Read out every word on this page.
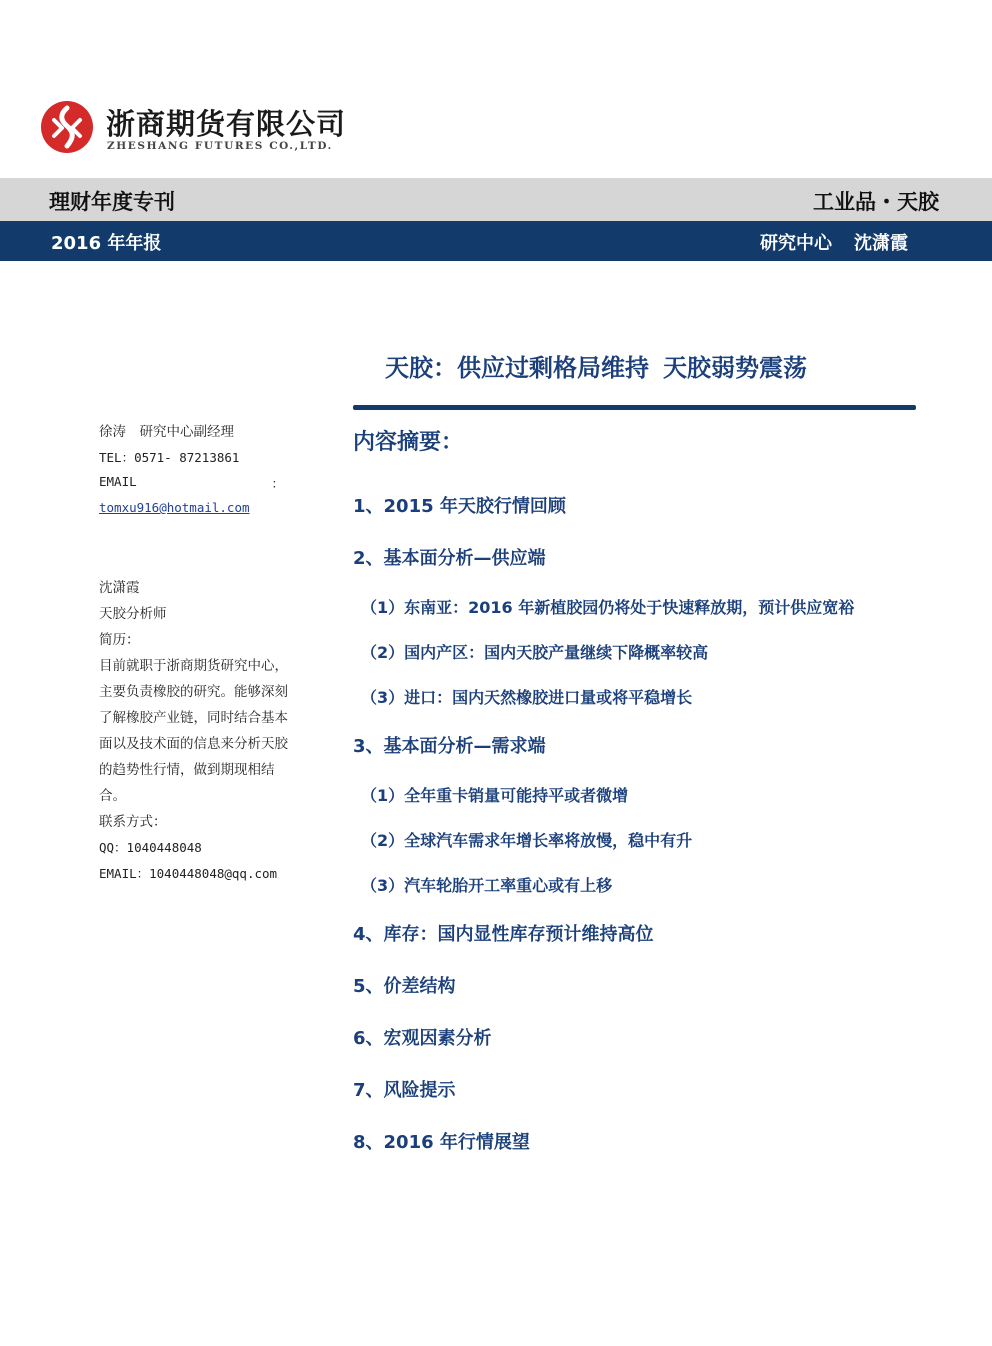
浙商期货有限公司
ZHESHANG FUTURES CO.,LTD.
理财年度专刊	工业品・天胶
2016 年年报	研究中心 沈潇霞
天胶：供应过剩格局维持 天胶弱势震荡
徐涛　研究中心副经理
TEL：0571- 87213861
EMAIL	：
tomxu916@hotmail.com
沈潇霞
天胶分析师
简历：
目前就职于浙商期货研究中心，主要负责橡胶的研究。能够深刻了解橡胶产业链，同时结合基本面以及技术面的信息来分析天胶的趋势性行情，做到期现相结合。
联系方式：
QQ：1040448048
EMAIL：1040448048@qq.com
内容摘要：
1、2015 年天胶行情回顾
2、基本面分析—供应端
（1）东南亚：2016 年新植胶园仍将处于快速释放期，预计供应宽裕
（2）国内产区：国内天胶产量继续下降概率较高
（3）进口：国内天然橡胶进口量或将平稳增长
3、基本面分析—需求端
（1）全年重卡销量可能持平或者微增
（2）全球汽车需求年增长率将放慢，稳中有升
（3）汽车轮胎开工率重心或有上移
4、库存：国内显性库存预计维持高位
5、价差结构
6、宏观因素分析
7、风险提示
8、2016 年行情展望
